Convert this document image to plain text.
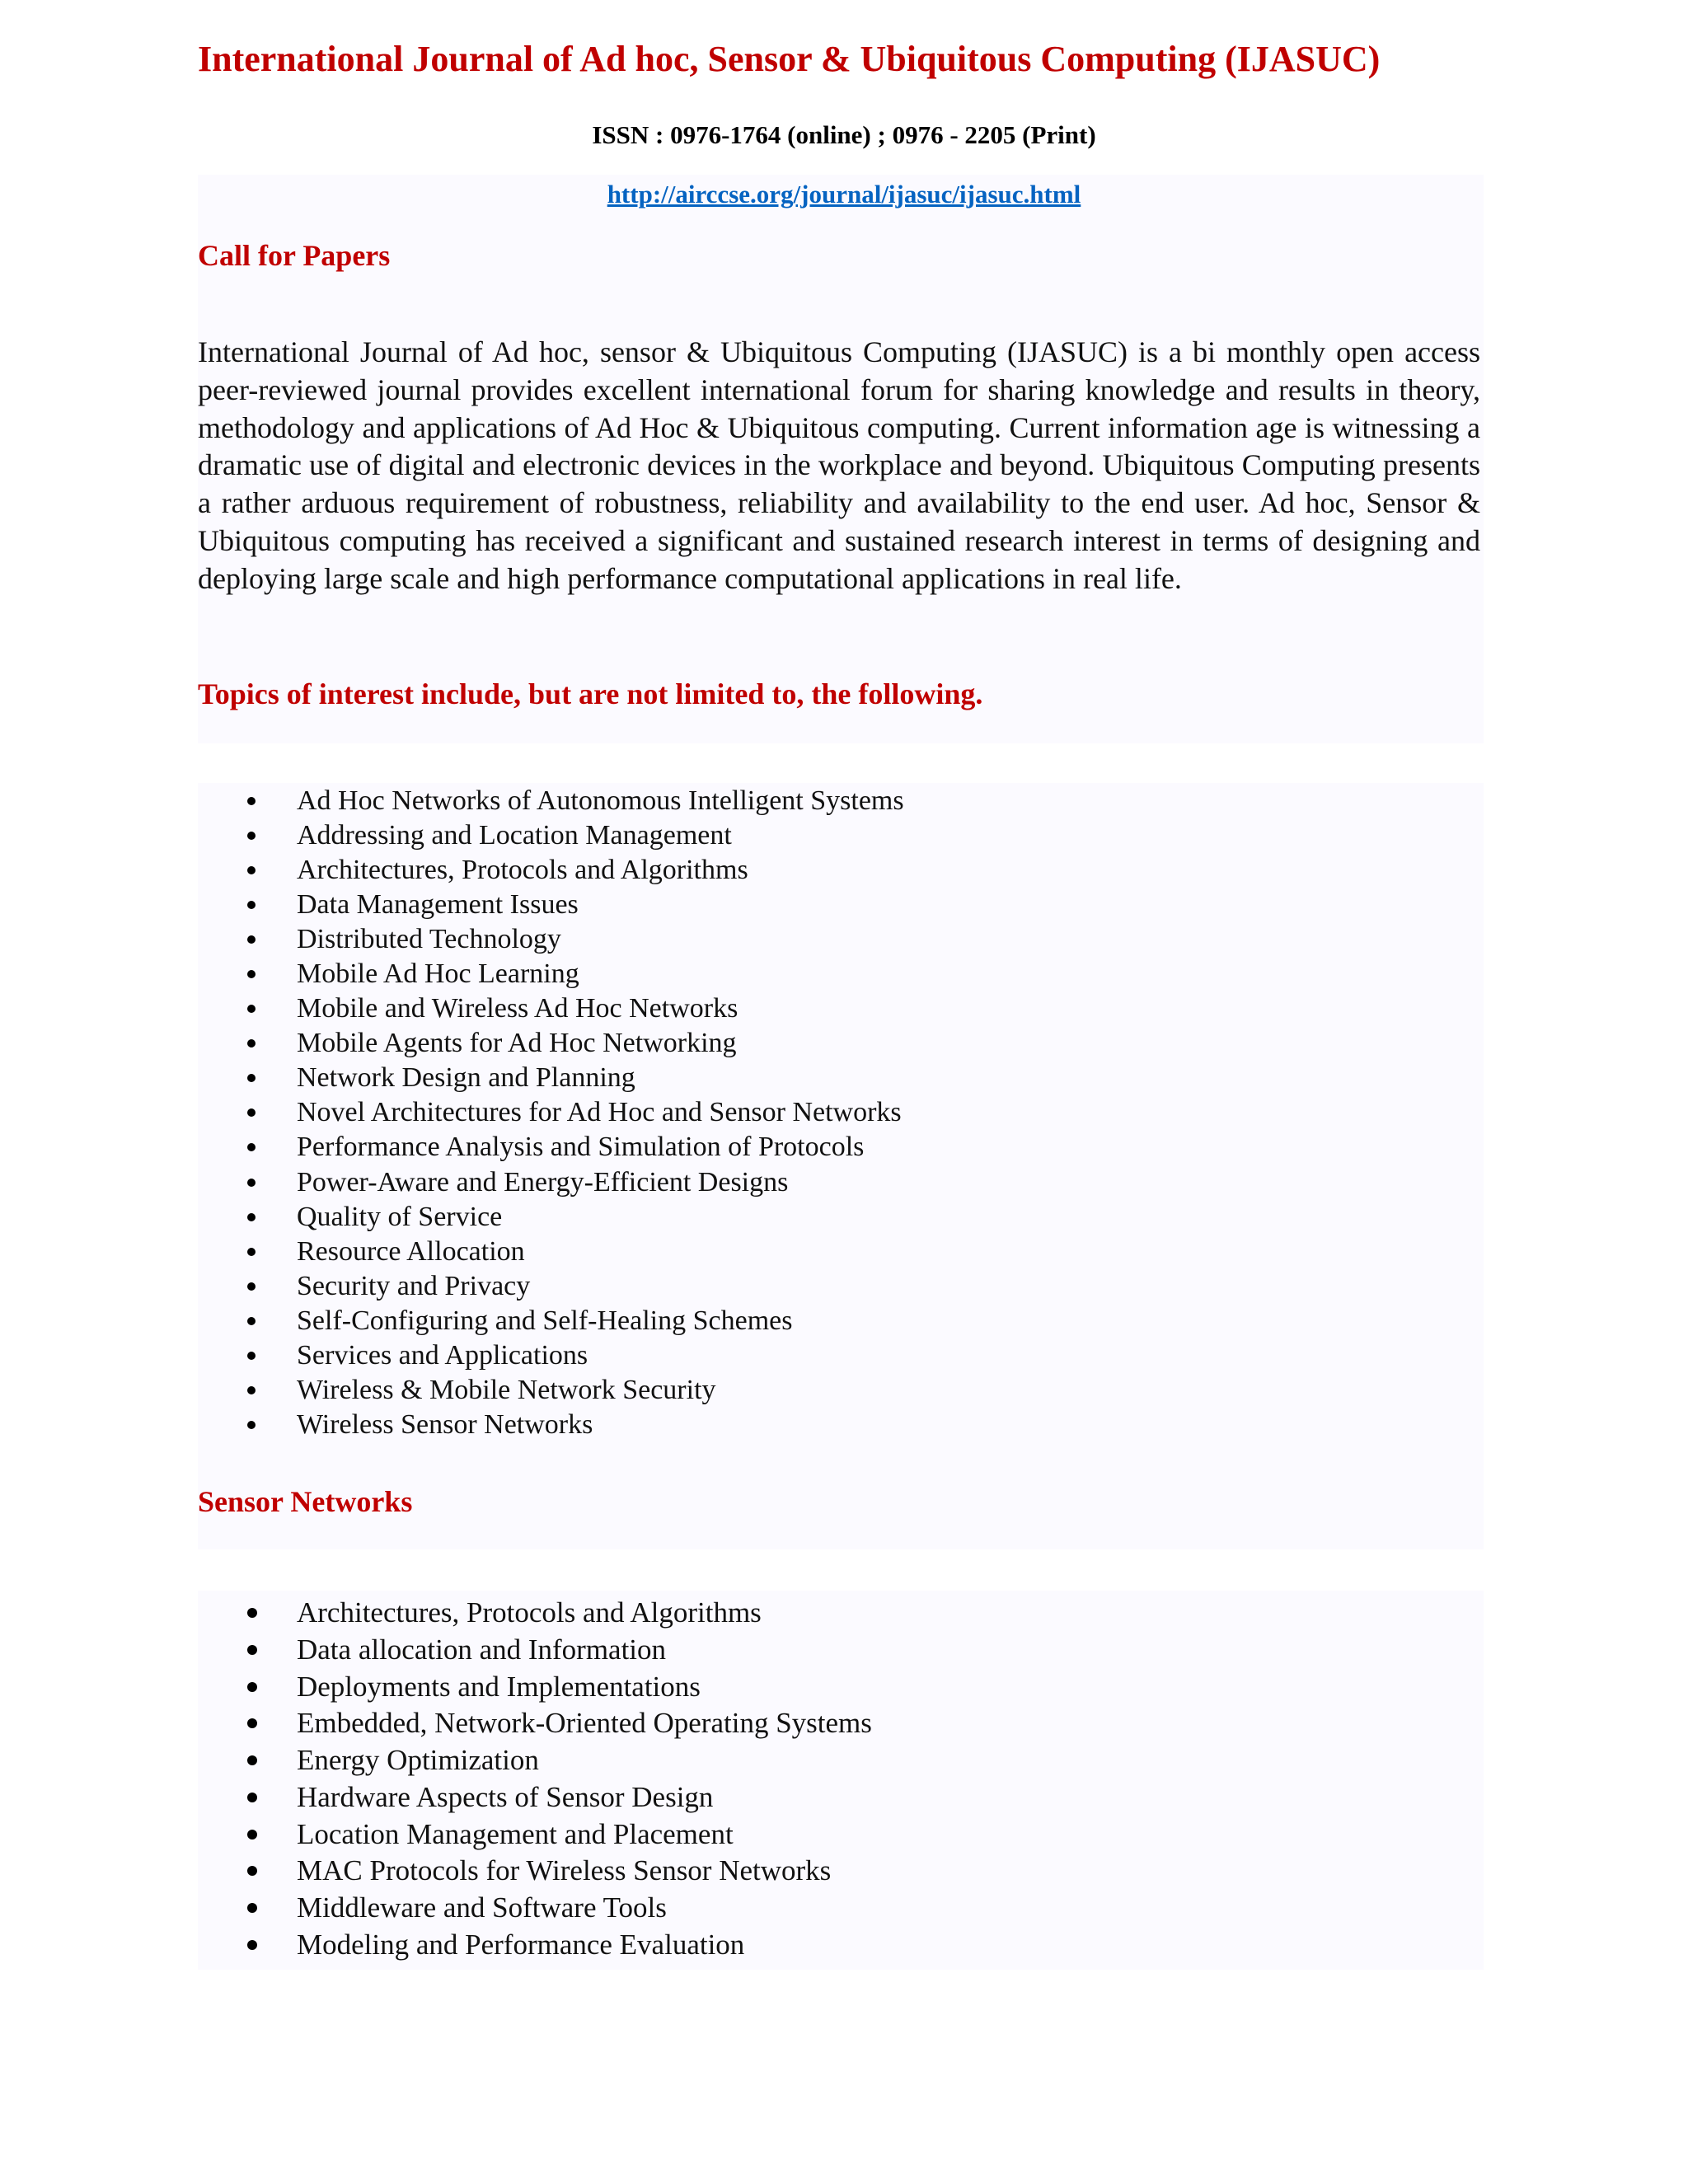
International Journal of Ad hoc, Sensor & Ubiquitous Computing (IJASUC)
ISSN : 0976-1764 (online) ; 0976 - 2205 (Print)
http://airccse.org/journal/ijasuc/ijasuc.html
Call for Papers

International Journal of Ad hoc, sensor & Ubiquitous Computing (IJASUC) is a bi monthly open access peer-reviewed journal provides excellent international forum for sharing knowledge and results in theory, methodology and applications of Ad Hoc & Ubiquitous computing. Current information age is witnessing a dramatic use of digital and electronic devices in the workplace and beyond. Ubiquitous Computing presents a rather arduous requirement of robustness, reliability and availability to the end user. Ad hoc, Sensor & Ubiquitous computing has received a significant and sustained research interest in terms of designing and deploying large scale and high performance computational applications in real life.

Topics of interest include, but are not limited to, the following.
Ad Hoc Networks of Autonomous Intelligent Systems
Addressing and Location Management
Architectures, Protocols and Algorithms
Data Management Issues
Distributed Technology
Mobile Ad Hoc Learning
Mobile and Wireless Ad Hoc Networks
Mobile Agents for Ad Hoc Networking
Network Design and Planning
Novel Architectures for Ad Hoc and Sensor Networks
Performance Analysis and Simulation of Protocols
Power-Aware and Energy-Efficient Designs
Quality of Service
Resource Allocation
Security and Privacy
Self-Configuring and Self-Healing Schemes
Services and Applications
Wireless & Mobile Network Security
Wireless Sensor Networks
Sensor Networks
Architectures, Protocols and Algorithms
Data allocation and Information
Deployments and Implementations
Embedded, Network-Oriented Operating Systems
Energy Optimization
Hardware Aspects of Sensor Design
Location Management and Placement
MAC Protocols for Wireless Sensor Networks
Middleware and Software Tools
Modeling and Performance Evaluation
